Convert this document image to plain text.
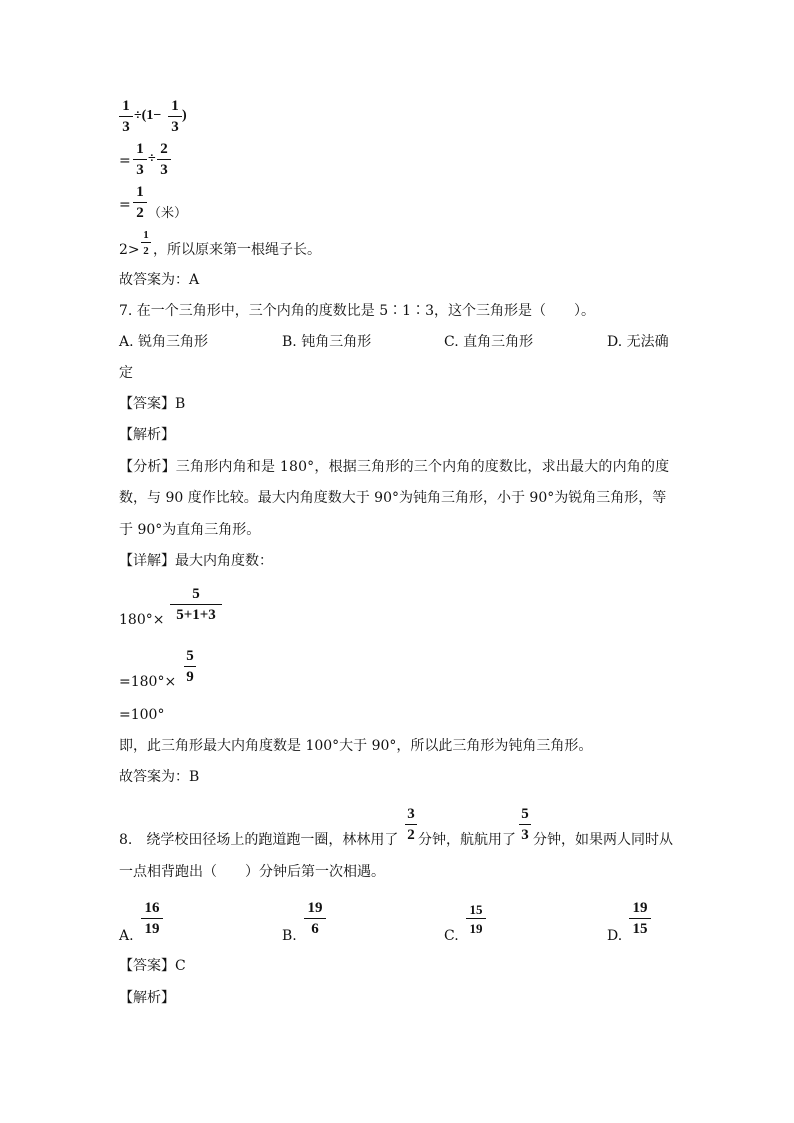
1
3
÷(1−
1
3
)
=
1
3
÷
2
3
=
1
2 （米）
2>
1
2 ，所以原来第一根绳子长。
故答案为：A
7. 在一个三角形中，三个内角的度数比是 5∶1∶3，这个三角形是（　　）。
A. 锐角三角形	B. 钝角三角形	C. 直角三角形	D. 无法确
定
【答案】B
【解析】
【分析】三角形内角和是 180°，根据三角形的三个内角的度数比，求出最大的内角的度
数，与 90 度作比较。最大内角度数大于 90°为钝角三角形，小于 90°为锐角三角形，等
于 90°为直角三角形。
【详解】最大内角度数：
180°×
5
5+1+3
=180°×
5
9
=100°
即，此三角形最大内角度数是 100°大于 90°，所以此三角形为钝角三角形。
故答案为：B
8.　绕学校田径场上的跑道跑一圈，林林用了
3
2 分钟，航航用了
5
3 分钟，如果两人同时从
一点相背跑出（　　）分钟后第一次相遇。
A.
16
19	B.
19
6	C.
15
19	D.
19
15
【答案】C
【解析】
